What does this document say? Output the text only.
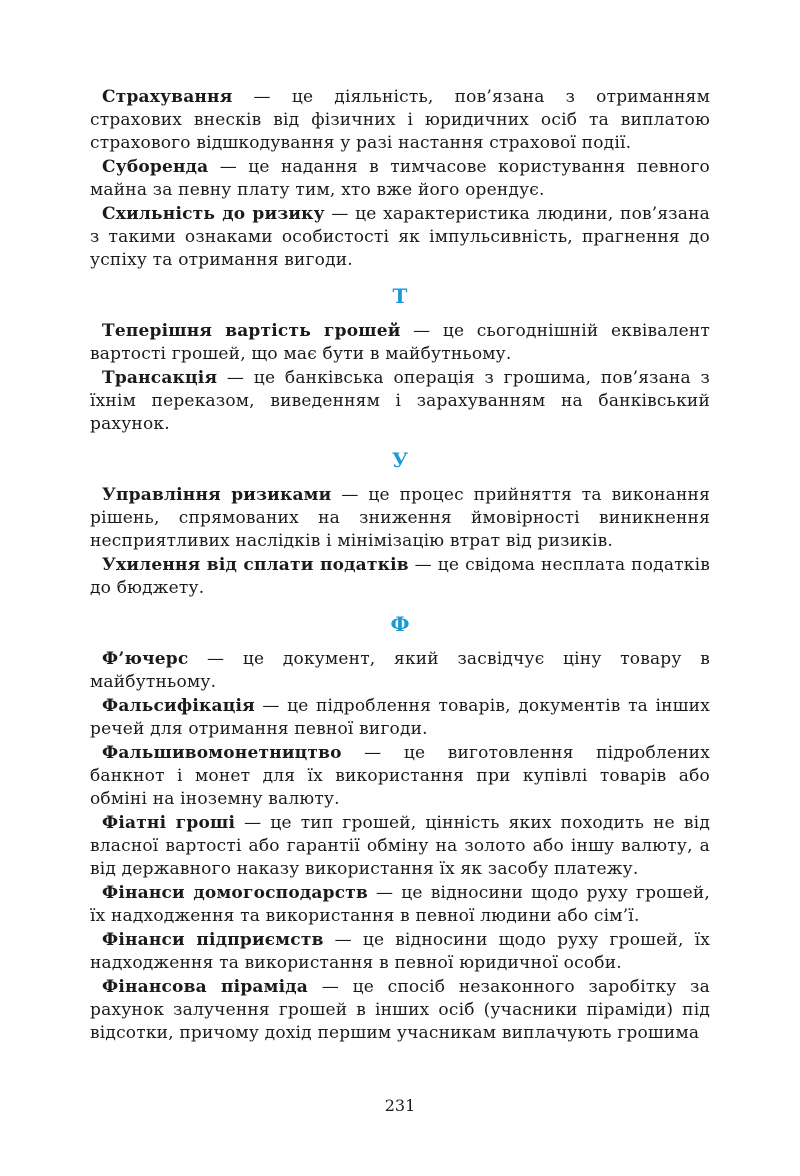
Страхування — це діяльність, пов’язана з отриманням страхових внесків від фізичних і юридичних осіб та виплатою страхового відшкодування у разі настання страхової події.

Суборенда — це надання в тимчасове користування певного майна за певну плату тим, хто вже його орендує.

Схильність до ризику — це характеристика людини, пов’язана з такими ознаками особистості як імпульсивність, прагнення до успіху та отримання вигоди.

Т

Теперішня вартість грошей — це сьогоднішній еквівалент вартості грошей, що має бути в майбутньому.

Трансакція — це банківська операція з грошима, пов’язана з їхнім переказом, виведенням і зарахуванням на банківський рахунок.

У

Управління ризиками — це процес прийняття та виконання рішень, спрямованих на зниження ймовірності виникнення несприятливих наслідків і мінімізацію втрат від ризиків.

Ухилення від сплати податків — це свідома несплата податків до бюджету.

Ф

Ф’ючерс — це документ, який засвідчує ціну товару в майбутньому.

Фальсифікація — це підроблення товарів, документів та інших речей для отримання певної вигоди.

Фальшивомонетництво — це виготовлення підроблених банкнот і монет для їх використання при купівлі товарів або обміні на іноземну валюту.

Фіатні гроші — це тип грошей, цінність яких походить не від власної вартості або гарантії обміну на золото або іншу валюту, а від державного наказу використання їх як засобу платежу.

Фінанси домогосподарств — це відносини щодо руху грошей, їх надходження та використання в певної людини або сім’ї.

Фінанси підприємств — це відносини щодо руху грошей, їх надходження та використання в певної юридичної особи.

Фінансова піраміда — це спосіб незаконного заробітку за рахунок залучення грошей в інших осіб (учасники піраміди) під відсотки, причому дохід першим учасникам виплачують грошима

231
